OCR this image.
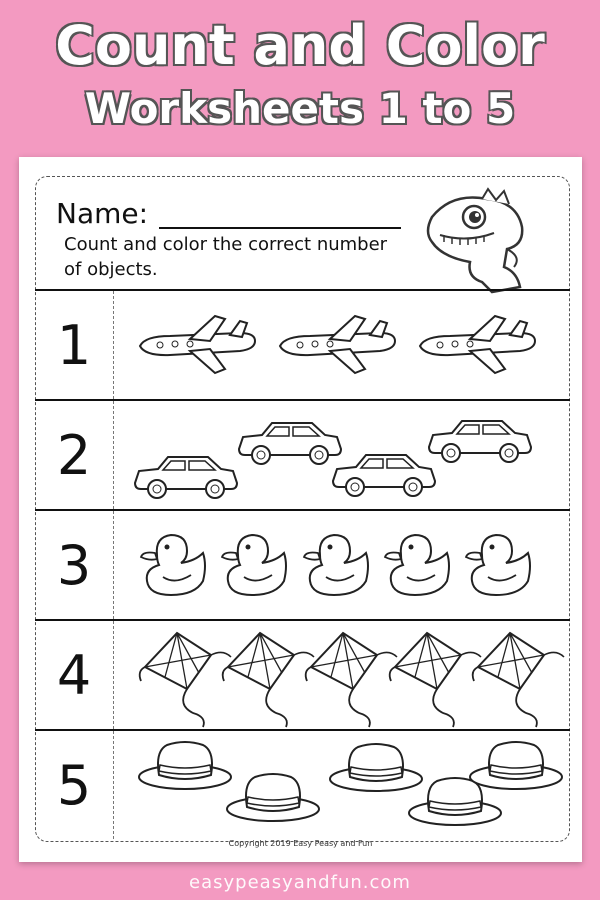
Count and Color
Worksheets 1 to 5
Name:
Count and color the correct number of objects.
1
2
3
4
5
Copyright 2019 Easy Peasy and Fun
easypeasyandfun.com
